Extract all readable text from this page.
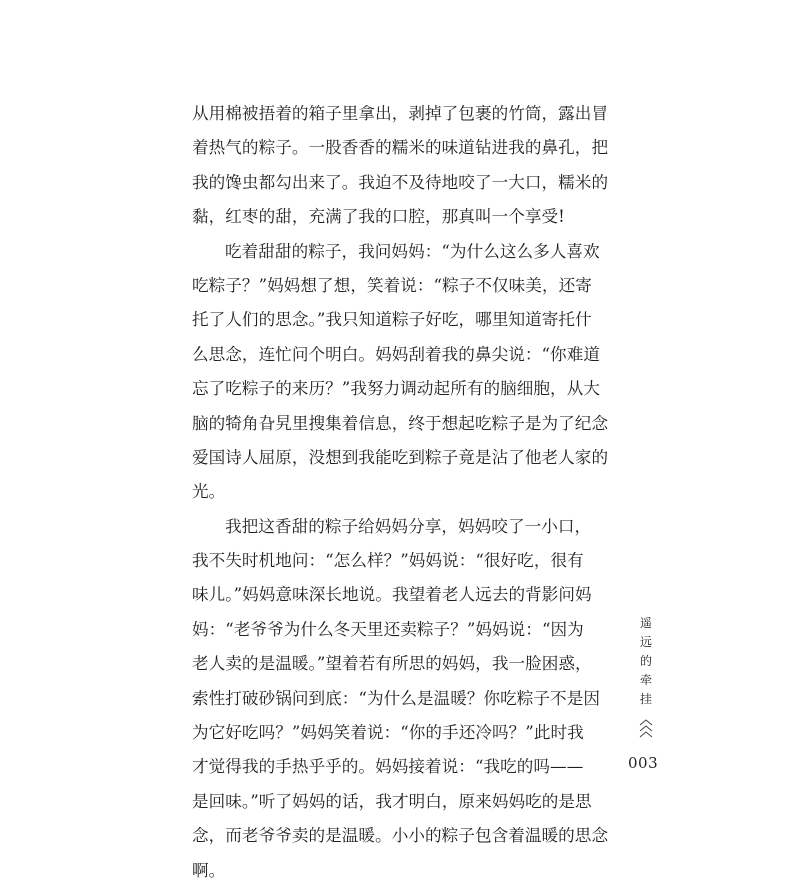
从用棉被捂着的箱子里拿出，剥掉了包裹的竹筒，露出冒
着热气的粽子。一股香香的糯米的味道钻进我的鼻孔，把
我的馋虫都勾出来了。我迫不及待地咬了一大口，糯米的
黏，红枣的甜，充满了我的口腔，那真叫一个享受!
吃着甜甜的粽子，我问妈妈：“为什么这么多人喜欢
吃粽子？”妈妈想了想，笑着说：“粽子不仅味美，还寄
托了人们的思念。”我只知道粽子好吃，哪里知道寄托什
么思念，连忙问个明白。妈妈刮着我的鼻尖说：“你难道
忘了吃粽子的来历？”我努力调动起所有的脑细胞，从大
脑的犄角旮旯里搜集着信息，终于想起吃粽子是为了纪念
爱国诗人屈原，没想到我能吃到粽子竟是沾了他老人家的
光。
我把这香甜的粽子给妈妈分享，妈妈咬了一小口，
我不失时机地问：“怎么样？”妈妈说：“很好吃，很有
味儿。”妈妈意味深长地说。我望着老人远去的背影问妈
妈：“老爷爷为什么冬天里还卖粽子？”妈妈说：“因为
老人卖的是温暖。”望着若有所思的妈妈，我一脸困惑，
索性打破砂锅问到底：“为什么是温暖？你吃粽子不是因
为它好吃吗？”妈妈笑着说：“你的手还冷吗？”此时我
才觉得我的手热乎乎的。妈妈接着说：“我吃的吗——
是回味。”听了妈妈的话，我才明白，原来妈妈吃的是思
念，而老爷爷卖的是温暖。小小的粽子包含着温暖的思念
啊。
遥
远
的
牵
挂
003
